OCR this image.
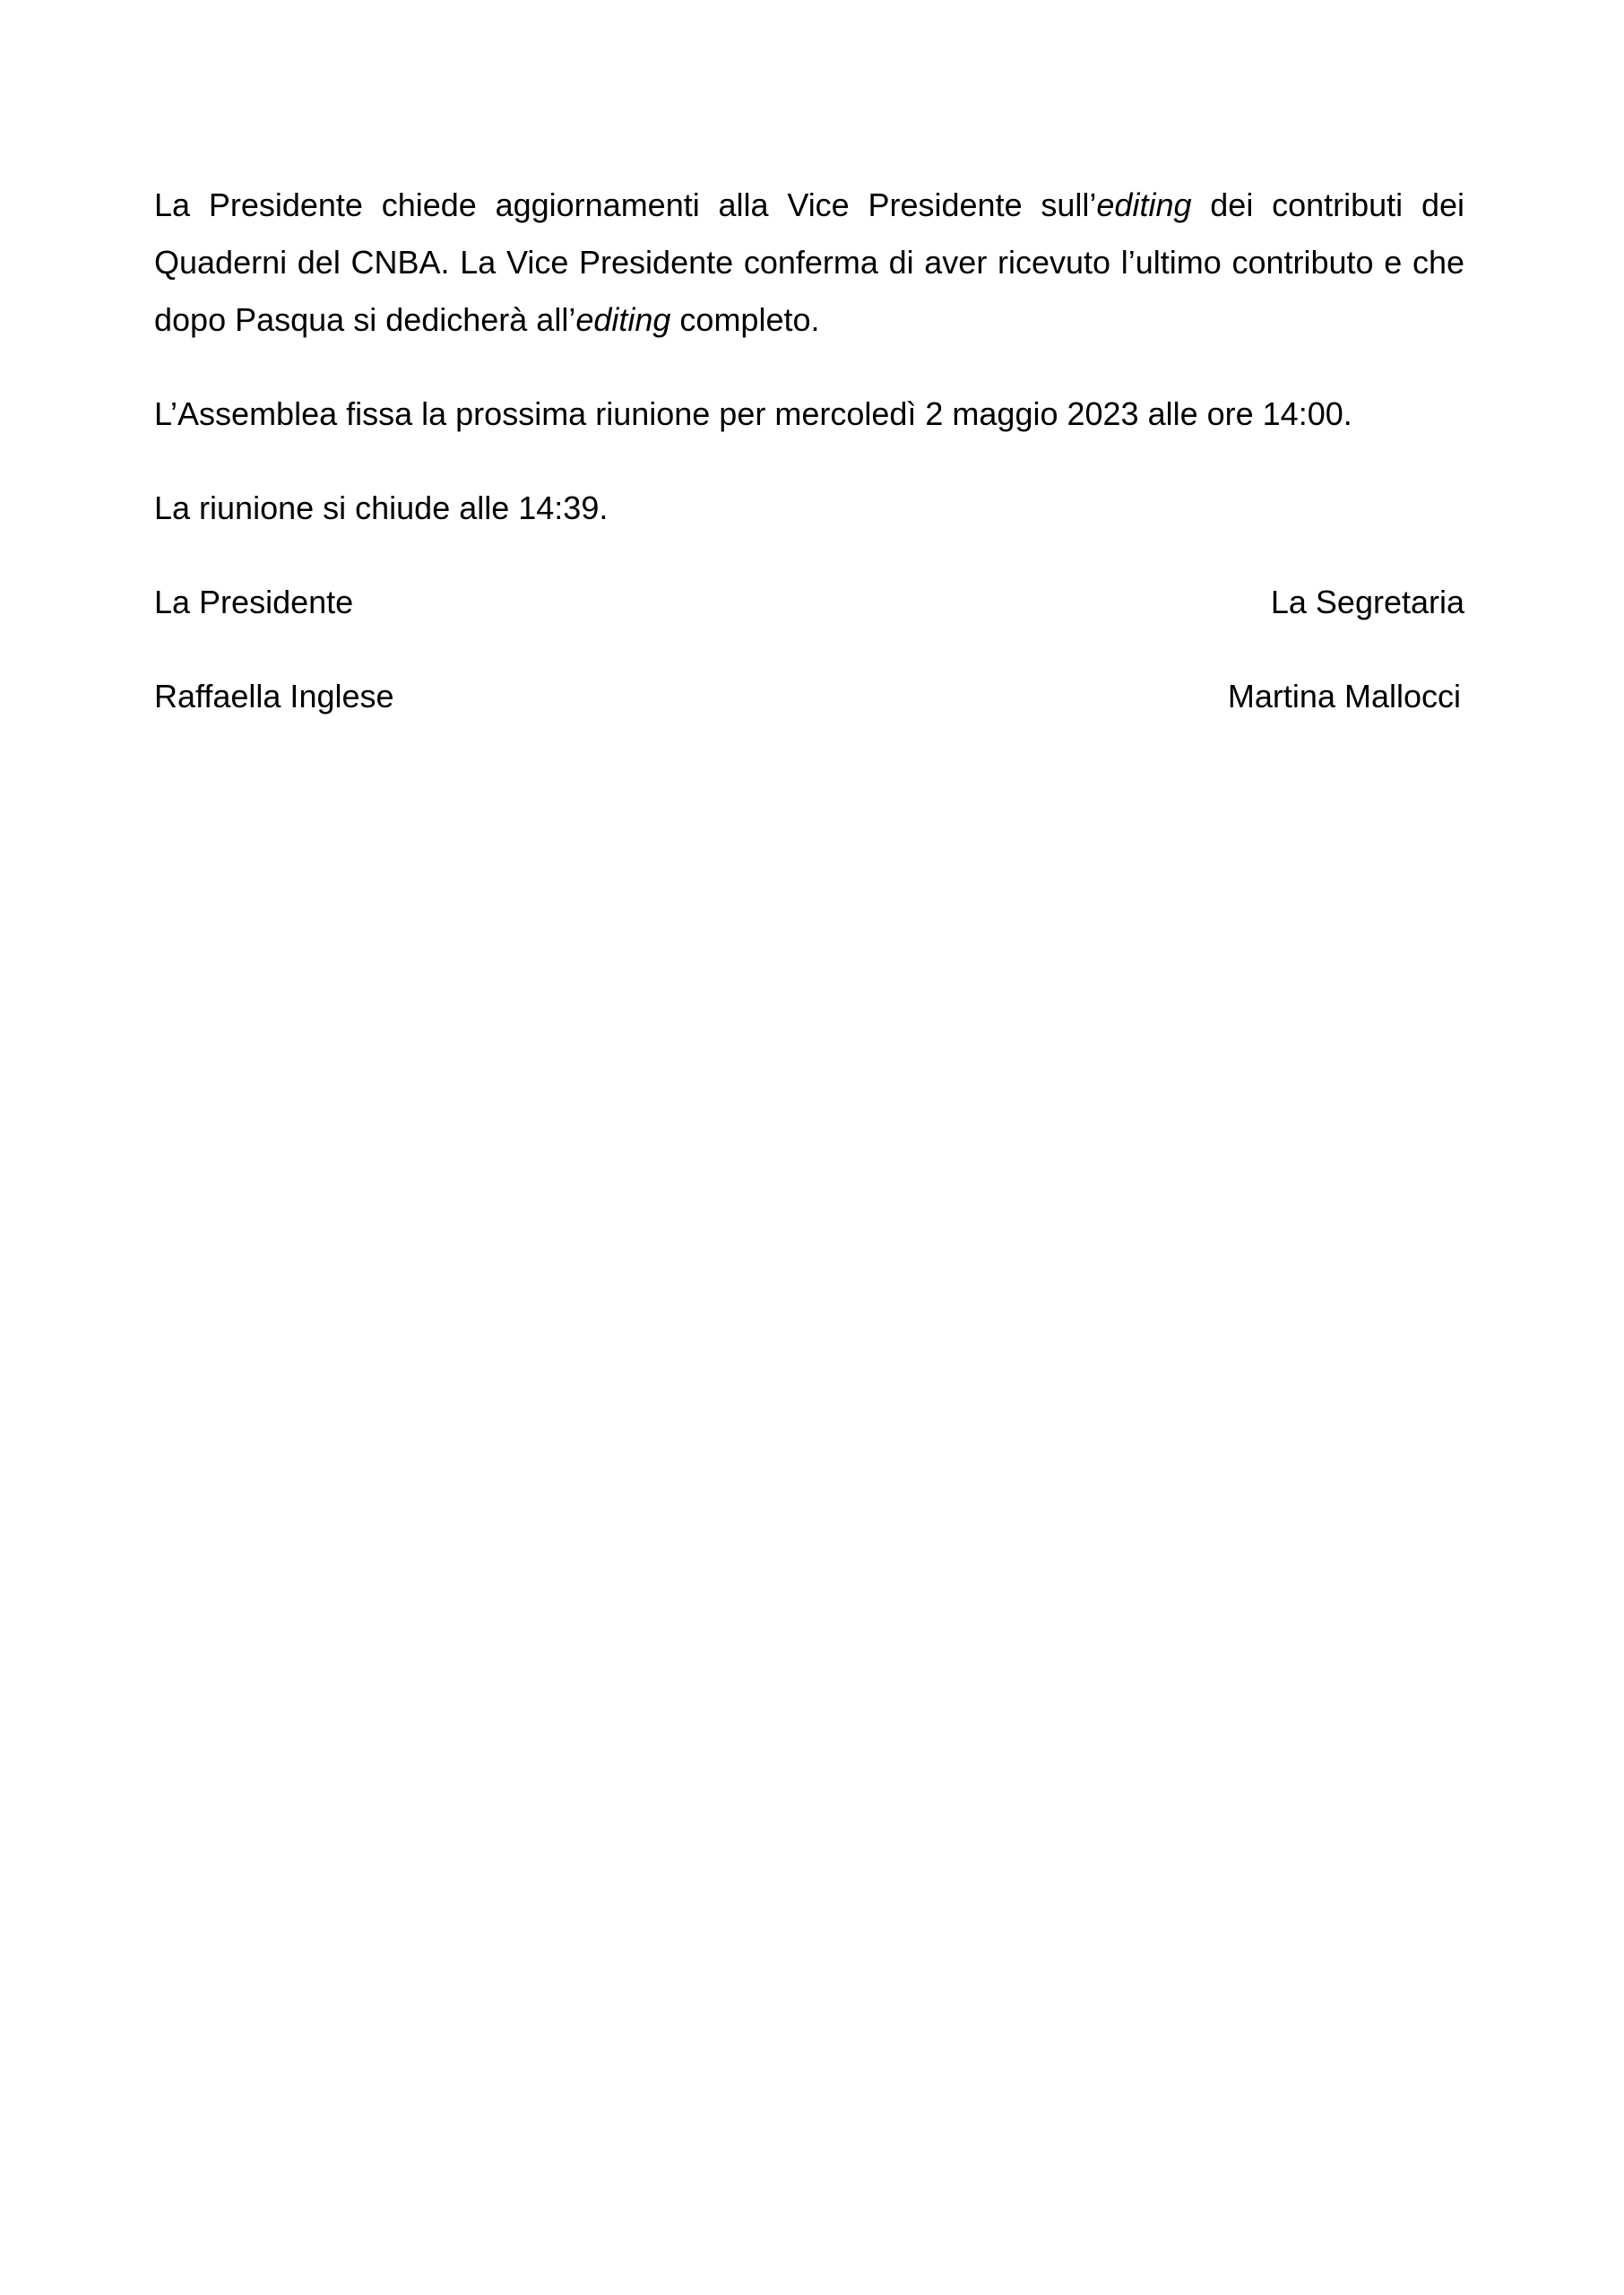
La Presidente chiede aggiornamenti alla Vice Presidente sull’editing dei contributi dei Quaderni del CNBA. La Vice Presidente conferma di aver ricevuto l’ultimo contributo e che dopo Pasqua si dedicherà all’editing completo.

L’Assemblea fissa la prossima riunione per mercoledì 2 maggio 2023 alle ore 14:00.

La riunione si chiude alle 14:39.

La Presidente
Raffaella Inglese
La Segretaria
Martina Mallocci
